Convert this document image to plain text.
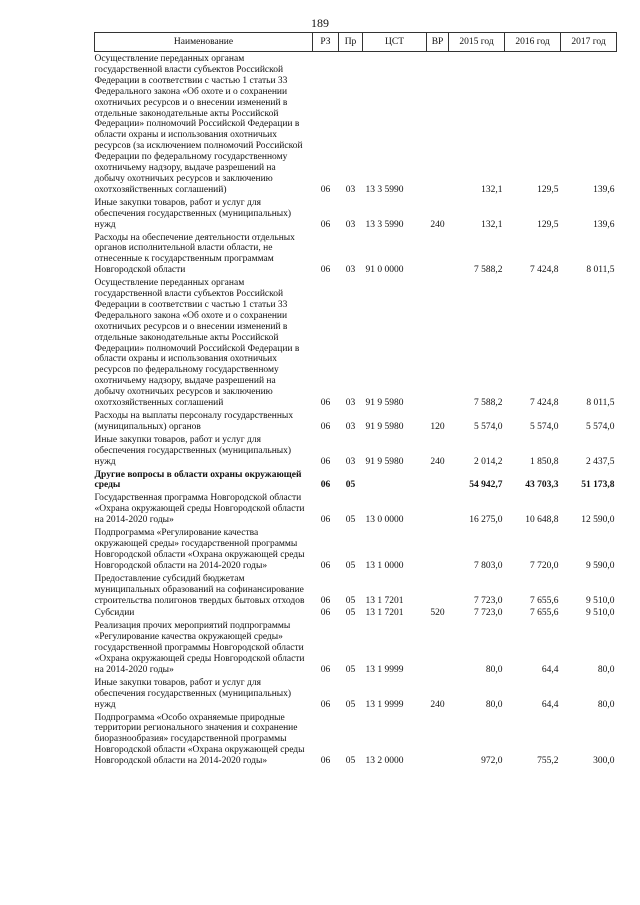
189
Наименование	РЗ	Пр	ЦСТ	ВР	2015 год	2016 год	2017 год
Осуществление переданных органам государственной власти субъектов Российской Федерации в соответствии с частью 1 статьи 33 Федерального закона «Об охоте и о сохранении охотничьих ресурсов и о внесении изменений в отдельные законодательные акты Российской Федерации» полномочий Российской Федерации в области охраны и использования охотничьих ресурсов (за исключением полномочий Российской Федерации по федеральному государственному охотничьему надзору, выдаче разрешений на добычу охотничьих ресурсов и заключению охотхозяйственных соглашений)	06	03	13 3 5990		132,1	129,5	139,6
Иные закупки товаров, работ и услуг для обеспечения государственных (муниципальных) нужд	06	03	13 3 5990	240	132,1	129,5	139,6
Расходы на обеспечение деятельности отдельных органов исполнительной власти области, не отнесенные к государственным программам Новгородской области	06	03	91 0 0000		7 588,2	7 424,8	8 011,5
Осуществление переданных органам государственной власти субъектов Российской Федерации в соответствии с частью 1 статьи 33 Федерального закона «Об охоте и о сохранении охотничьих ресурсов и о внесении изменений в отдельные законодательные акты Российской Федерации» полномочий Российской Федерации в области охраны и использования охотничьих ресурсов по федеральному государственному охотничьему надзору, выдаче разрешений на добычу охотничьих ресурсов и заключению охотхозяйственных соглашений	06	03	91 9 5980		7 588,2	7 424,8	8 011,5
Расходы на выплаты персоналу государственных (муниципальных) органов	06	03	91 9 5980	120	5 574,0	5 574,0	5 574,0
Иные закупки товаров, работ и услуг для обеспечения государственных (муниципальных) нужд	06	03	91 9 5980	240	2 014,2	1 850,8	2 437,5
Другие вопросы в области охраны окружающей среды	06	05			54 942,7	43 703,3	51 173,8
Государственная программа Новгородской области «Охрана окружающей среды Новгородской области на 2014-2020 годы»	06	05	13 0 0000		16 275,0	10 648,8	12 590,0
Подпрограмма «Регулирование качества окружающей среды» государственной программы Новгородской области «Охрана окружающей среды Новгородской области на 2014-2020 годы»	06	05	13 1 0000		7 803,0	7 720,0	9 590,0
Предоставление субсидий бюджетам муниципальных образований на софинансирование строительства полигонов твердых бытовых отходов	06	05	13 1 7201		7 723,0	7 655,6	9 510,0
Субсидии	06	05	13 1 7201	520	7 723,0	7 655,6	9 510,0
Реализация прочих мероприятий подпрограммы «Регулирование качества окружающей среды» государственной программы Новгородской области «Охрана окружающей среды Новгородской области на 2014-2020 годы»	06	05	13 1 9999		80,0	64,4	80,0
Иные закупки товаров, работ и услуг для обеспечения государственных (муниципальных) нужд	06	05	13 1 9999	240	80,0	64,4	80,0
Подпрограмма «Особо охраняемые природные территории регионального значения и сохранение биоразнообразия» государственной программы Новгородской области «Охрана окружающей среды Новгородской области на 2014-2020 годы»	06	05	13 2 0000		972,0	755,2	300,0
